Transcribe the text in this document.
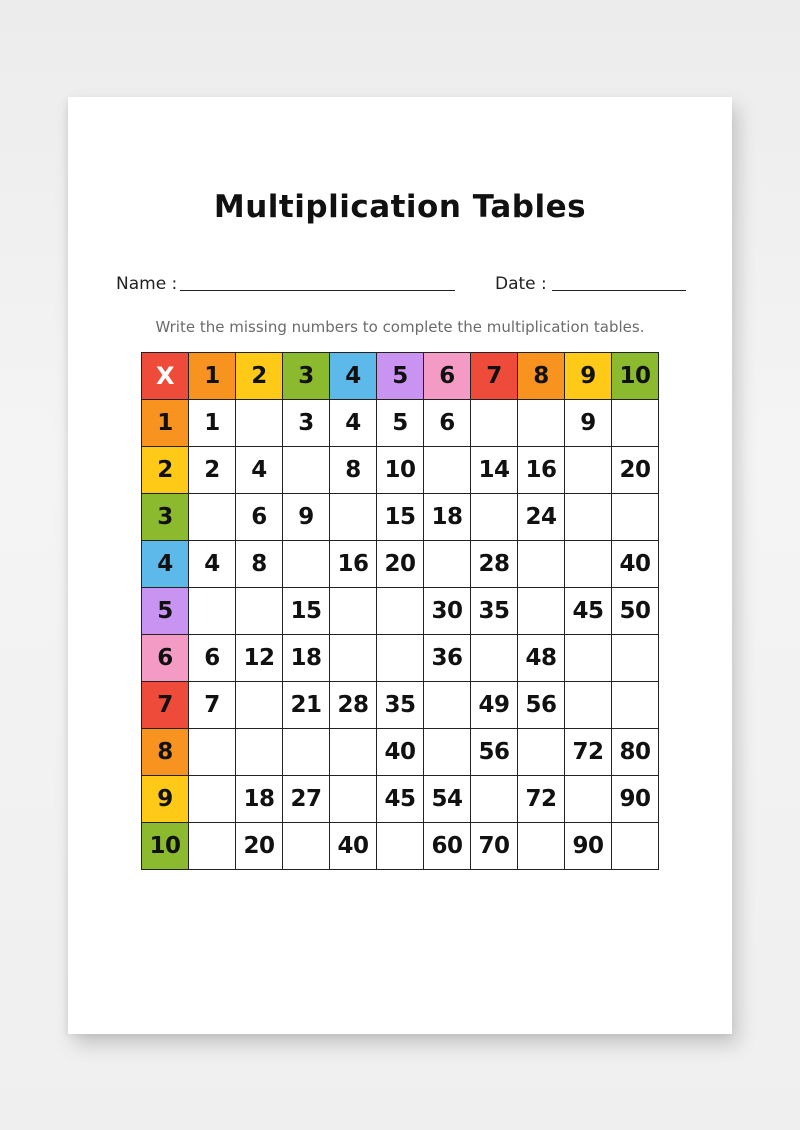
Multiplication Tables
Name :	Date :
Write the missing numbers to complete the multiplication tables.
X	1	2	3	4	5	6	7	8	9	10
1	1		3	4	5	6			9	
2	2	4		8	10		14	16		20
3		6	9		15	18		24		
4	4	8		16	20		28			40
5			15			30	35		45	50
6	6	12	18			36		48		
7	7		21	28	35		49	56		
8					40		56		72	80
9		18	27		45	54		72		90
10		20		40		60	70		90	
